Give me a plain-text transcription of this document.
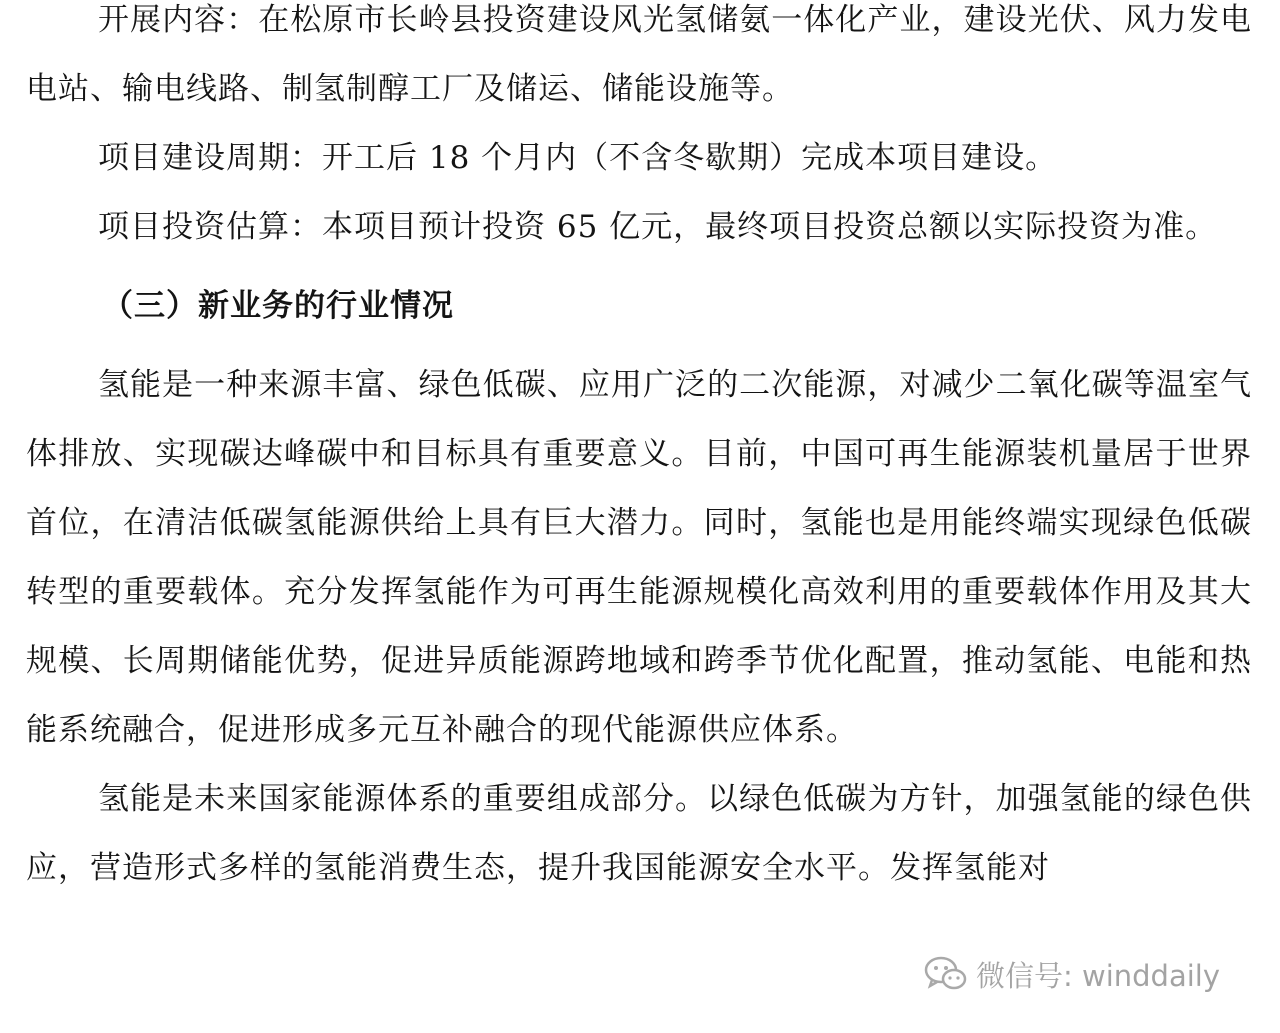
开展内容：在松原市长岭县投资建设风光氢储氨一体化产业，建设光伏、风力发电电站、输电线路、制氢制醇工厂及储运、储能设施等。

项目建设周期：开工后 18 个月内（不含冬歇期）完成本项目建设。

项目投资估算：本项目预计投资 65 亿元，最终项目投资总额以实际投资为准。

（三）新业务的行业情况

氢能是一种来源丰富、绿色低碳、应用广泛的二次能源，对减少二氧化碳等温室气体排放、实现碳达峰碳中和目标具有重要意义。目前，中国可再生能源装机量居于世界首位，在清洁低碳氢能源供给上具有巨大潜力。同时，氢能也是用能终端实现绿色低碳转型的重要载体。充分发挥氢能作为可再生能源规模化高效利用的重要载体作用及其大规模、长周期储能优势，促进异质能源跨地域和跨季节优化配置，推动氢能、电能和热能系统融合，促进形成多元互补融合的现代能源供应体系。

氢能是未来国家能源体系的重要组成部分。以绿色低碳为方针，加强氢能的绿色供应，营造形式多样的氢能消费生态，提升我国能源安全水平。发挥氢能对

微信号: winddaily
